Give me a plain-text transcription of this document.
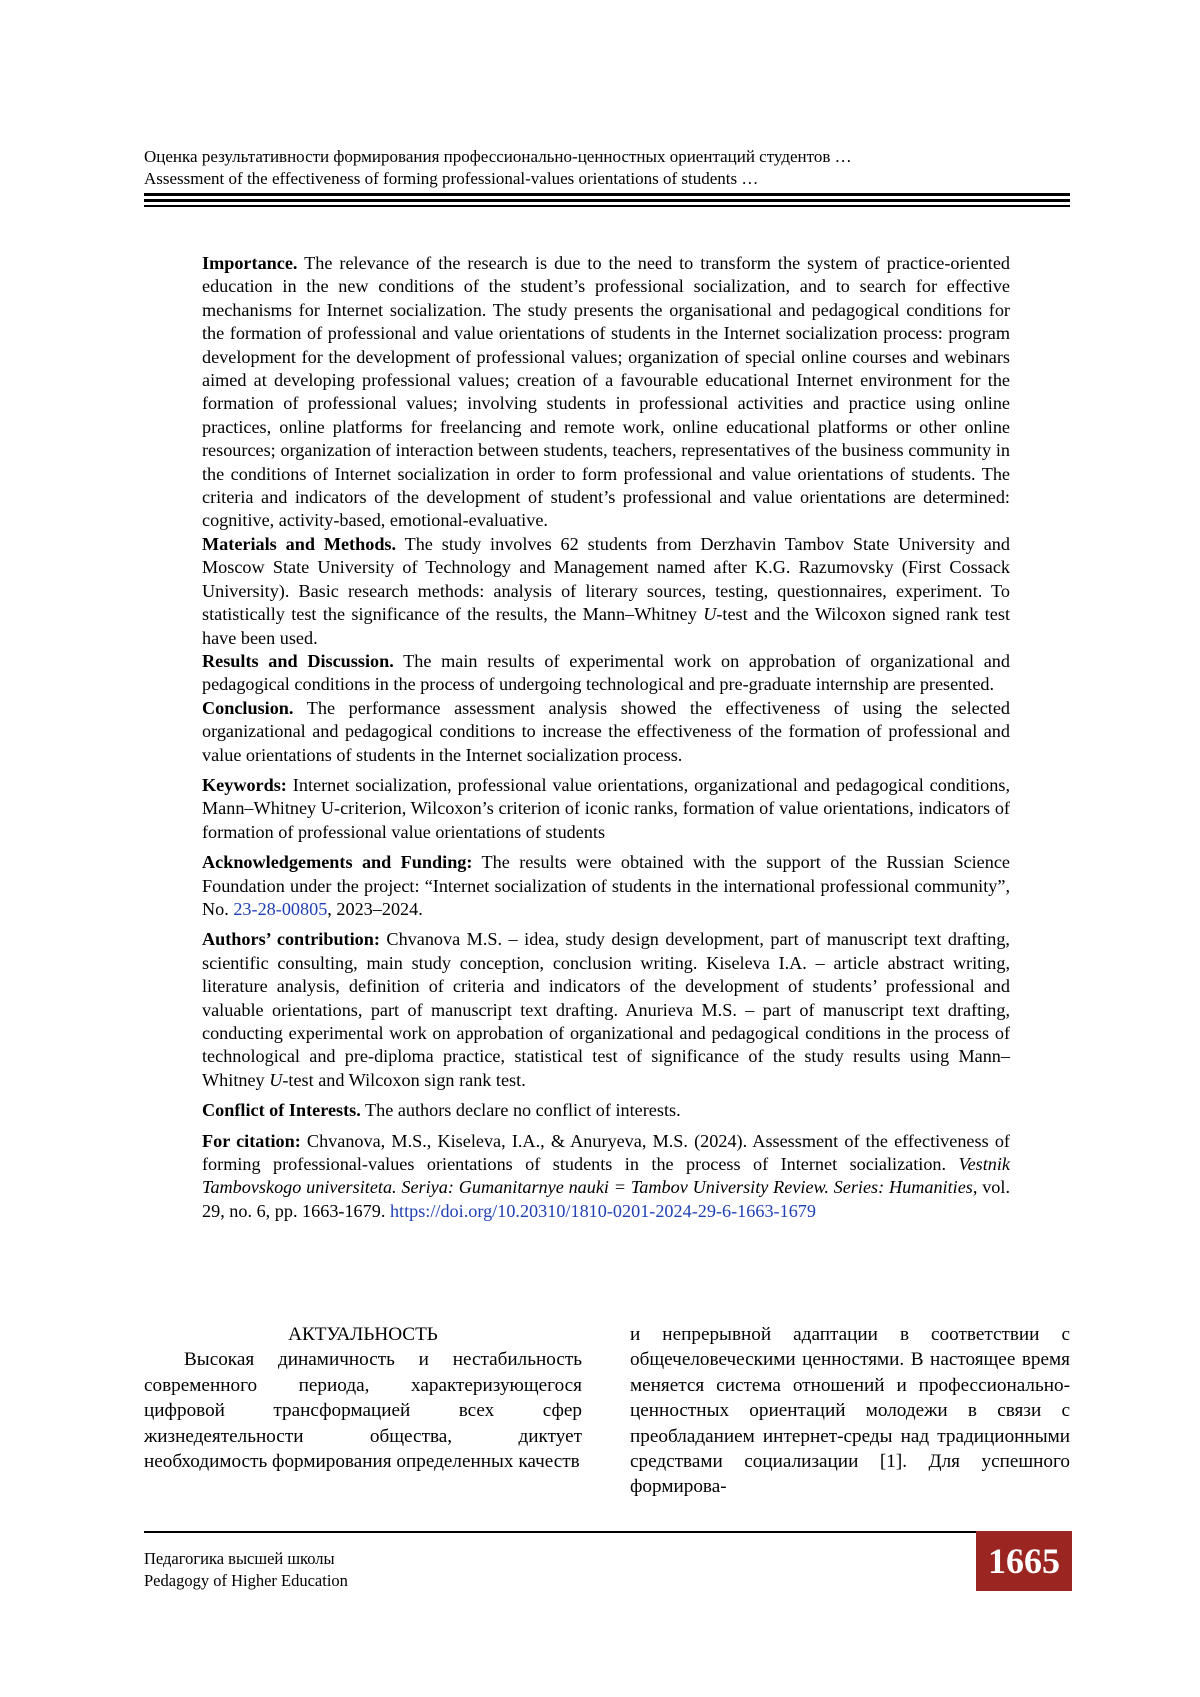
Оценка результативности формирования профессионально-ценностных ориентаций студентов …
Assessment of the effectiveness of forming professional-values orientations of students …

Importance. The relevance of the research is due to the need to transform the system of practice-oriented education in the new conditions of the student’s professional socialization, and to search for effective mechanisms for Internet socialization. The study presents the organisational and pedagogical conditions for the formation of professional and value orientations of students in the Internet socialization process: program development for the development of professional values; organization of special online courses and webinars aimed at developing professional values; creation of a favourable educational Internet environment for the formation of professional values; involving students in professional activities and practice using online practices, online platforms for freelancing and remote work, online educational platforms or other online resources; organization of interaction between students, teachers, representatives of the business community in the conditions of Internet socialization in order to form professional and value orientations of students. The criteria and indicators of the development of student’s professional and value orientations are determined: cognitive, activity-based, emotional-evaluative.

Materials and Methods. The study involves 62 students from Derzhavin Tambov State University and Moscow State University of Technology and Management named after K.G. Razumovsky (First Cossack University). Basic research methods: analysis of literary sources, testing, questionnaires, experiment. To statistically test the significance of the results, the Mann–Whitney U-test and the Wilcoxon signed rank test have been used.

Results and Discussion. The main results of experimental work on approbation of organizational and pedagogical conditions in the process of undergoing technological and pre-graduate internship are presented.

Conclusion. The performance assessment analysis showed the effectiveness of using the selected organizational and pedagogical conditions to increase the effectiveness of the formation of professional and value orientations of students in the Internet socialization process.

Keywords: Internet socialization, professional value orientations, organizational and pedagogical conditions, Mann–Whitney U-criterion, Wilcoxon’s criterion of iconic ranks, formation of value orientations, indicators of formation of professional value orientations of students

Acknowledgements and Funding: The results were obtained with the support of the Russian Science Foundation under the project: “Internet socialization of students in the international professional community”, No. 23-28-00805, 2023–2024.

Authors’ contribution: Chvanova M.S. – idea, study design development, part of manuscript text drafting, scientific consulting, main study conception, conclusion writing. Kiseleva I.A. – article abstract writing, literature analysis, definition of criteria and indicators of the development of students’ professional and valuable orientations, part of manuscript text drafting. Anurieva M.S. – part of manuscript text drafting, conducting experimental work on approbation of organizational and pedagogical conditions in the process of technological and pre-diploma practice, statistical test of significance of the study results using Mann–Whitney U-test and Wilcoxon sign rank test.

Conflict of Interests. The authors declare no conflict of interests.

For citation: Chvanova, M.S., Kiseleva, I.A., & Anuryeva, M.S. (2024). Assessment of the effectiveness of forming professional-values orientations of students in the process of Internet socialization. Vestnik Tambovskogo universiteta. Seriya: Gumanitarnye nauki = Tambov University Review. Series: Humanities, vol. 29, no. 6, pp. 1663-1679. https://doi.org/10.20310/1810-0201-2024-29-6-1663-1679

АКТУАЛЬНОСТЬ

Высокая динамичность и нестабильность современного периода, характеризующегося цифровой трансформацией всех сфер жизнедеятельности общества, диктует необходимость формирования определенных качеств

и непрерывной адаптации в соответствии с общечеловеческими ценностями. В настоящее время меняется система отношений и профессионально-ценностных ориентаций молодежи в связи с преобладанием интернет-среды над традиционными средствами социализации [1]. Для успешного формирова-

Педагогика высшей школы
Pedagogy of Higher Education	1665
